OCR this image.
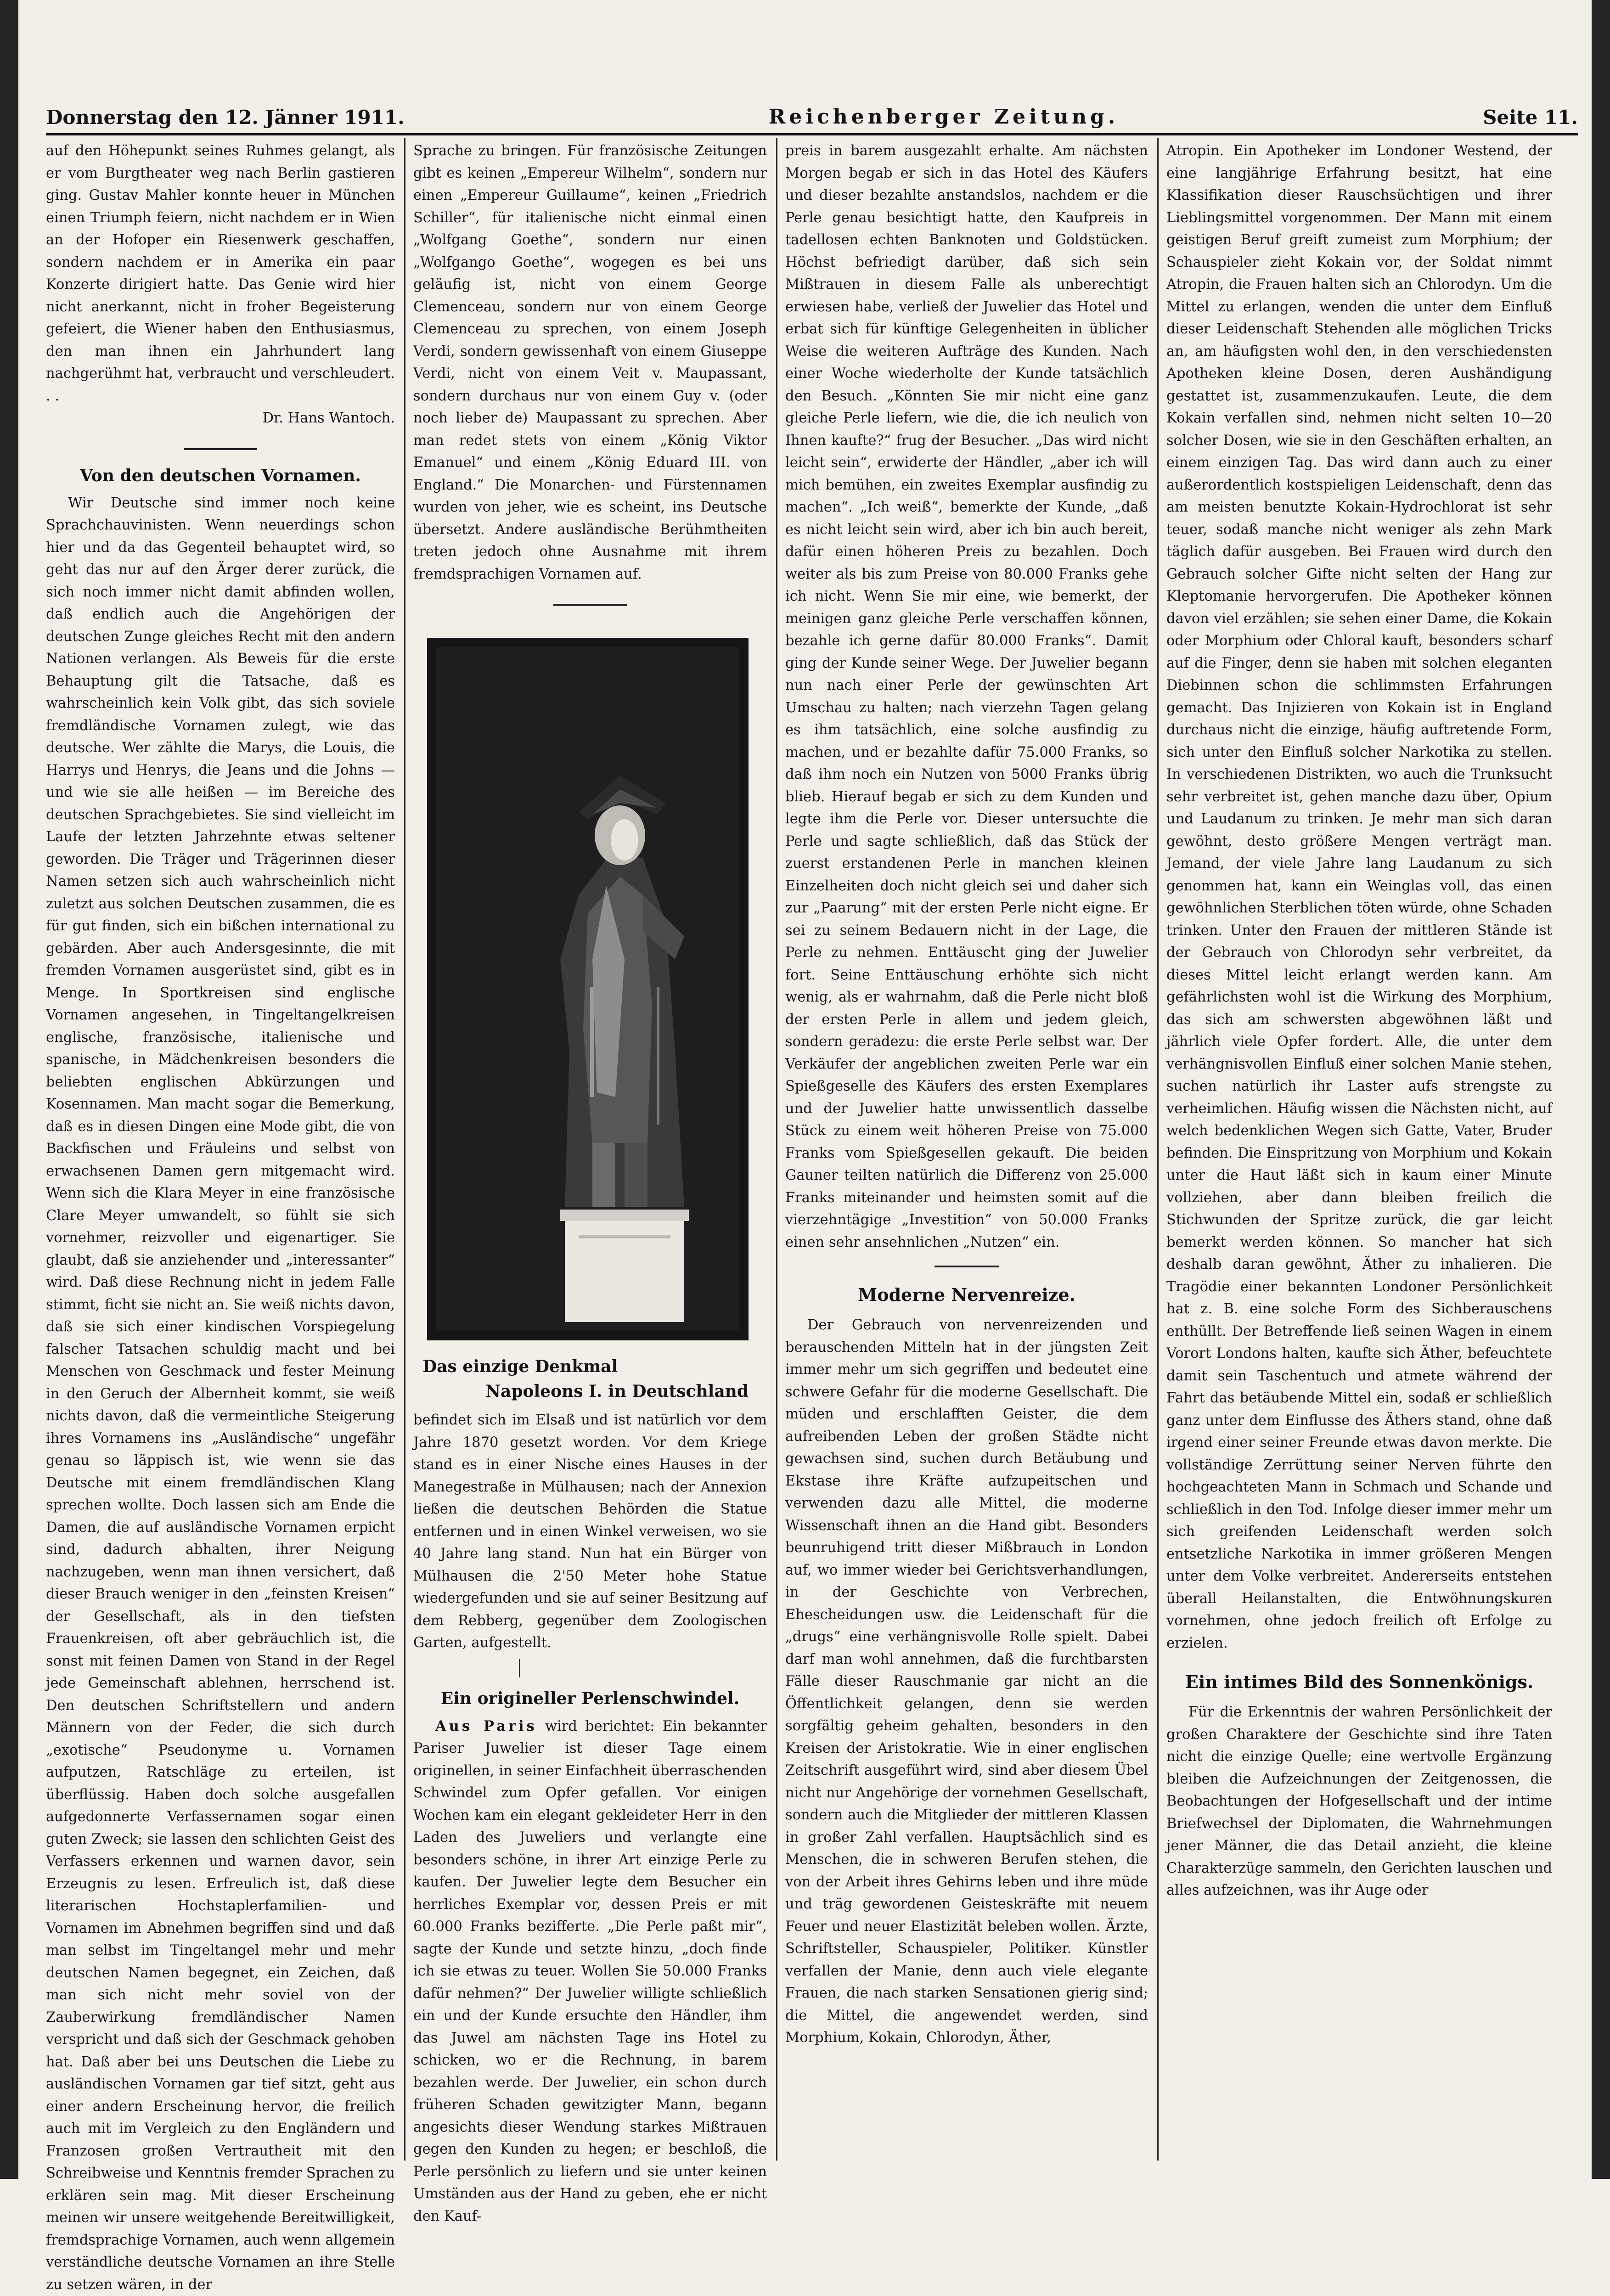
Donnerstag den 12. Jänner 1911.	Reichenberger Zeitung.	Seite 11.

auf den Höhepunkt seines Ruhmes gelangt, als er vom Burgtheater weg nach Berlin gastieren ging. Gustav Mahler konnte heuer in München einen Triumph feiern, nicht nachdem er in Wien an der Hofoper ein Riesenwerk geschaffen, sondern nachdem er in Amerika ein paar Konzerte dirigiert hatte. Das Genie wird hier nicht anerkannt, nicht in froher Begeisterung gefeiert, die Wiener haben den Enthusiasmus, den man ihnen ein Jahrhundert lang nachgerühmt hat, verbraucht und verschleudert. . .

Dr. Hans Wantoch.

Von den deutschen Vornamen.

Wir Deutsche sind immer noch keine Sprachchauvinisten. Wenn neuerdings schon hier und da das Gegenteil behauptet wird, so geht das nur auf den Ärger derer zurück, die sich noch immer nicht damit abfinden wollen, daß endlich auch die Angehörigen der deutschen Zunge gleiches Recht mit den andern Nationen verlangen. Als Beweis für die erste Behauptung gilt die Tatsache, daß es wahrscheinlich kein Volk gibt, das sich soviele fremdländische Vornamen zulegt, wie das deutsche. Wer zählte die Marys, die Louis, die Harrys und Henrys, die Jeans und die Johns — und wie sie alle heißen — im Bereiche des deutschen Sprachgebietes. Sie sind vielleicht im Laufe der letzten Jahrzehnte etwas seltener geworden. Die Träger und Trägerinnen dieser Namen setzen sich auch wahrscheinlich nicht zuletzt aus solchen Deutschen zusammen, die es für gut finden, sich ein bißchen international zu gebärden. Aber auch Andersgesinnte, die mit fremden Vornamen ausgerüstet sind, gibt es in Menge. In Sportkreisen sind englische Vornamen angesehen, in Tingeltangelkreisen englische, französische, italienische und spanische, in Mädchenkreisen besonders die beliebten englischen Abkürzungen und Kosennamen. Man macht sogar die Bemerkung, daß es in diesen Dingen eine Mode gibt, die von Backfischen und Fräuleins und selbst von erwachsenen Damen gern mitgemacht wird. Wenn sich die Klara Meyer in eine französische Clare Meyer umwandelt, so fühlt sie sich vornehmer, reizvoller und eigenartiger. Sie glaubt, daß sie anziehender und „interessanter“ wird. Daß diese Rechnung nicht in jedem Falle stimmt, ficht sie nicht an. Sie weiß nichts davon, daß sie sich einer kindischen Vorspiegelung falscher Tatsachen schuldig macht und bei Menschen von Geschmack und fester Meinung in den Geruch der Albernheit kommt, sie weiß nichts davon, daß die vermeintliche Steigerung ihres Vornamens ins „Ausländische“ ungefähr genau so läppisch ist, wie wenn sie das Deutsche mit einem fremdländischen Klang sprechen wollte. Doch lassen sich am Ende die Damen, die auf ausländische Vornamen erpicht sind, dadurch abhalten, ihrer Neigung nachzugeben, wenn man ihnen versichert, daß dieser Brauch weniger in den „feinsten Kreisen“ der Gesellschaft, als in den tiefsten Frauenkreisen, oft aber gebräuchlich ist, die sonst mit feinen Damen von Stand in der Regel jede Gemeinschaft ablehnen, herrschend ist. Den deutschen Schriftstellern und andern Männern von der Feder, die sich durch „exotische“ Pseudonyme u. Vornamen aufputzen, Ratschläge zu erteilen, ist überflüssig. Haben doch solche ausgefallen aufgedonnerte Verfassernamen sogar einen guten Zweck; sie lassen den schlichten Geist des Verfassers erkennen und warnen davor, sein Erzeugnis zu lesen. Erfreulich ist, daß diese literarischen Hochstaplerfamilien- und Vornamen im Abnehmen begriffen sind und daß man selbst im Tingeltangel mehr und mehr deutschen Namen begegnet, ein Zeichen, daß man sich nicht mehr soviel von der Zauberwirkung fremdländischer Namen verspricht und daß sich der Geschmack gehoben hat. Daß aber bei uns Deutschen die Liebe zu ausländischen Vornamen gar tief sitzt, geht aus einer andern Erscheinung hervor, die freilich auch mit im Vergleich zu den Engländern und Franzosen großen Vertrautheit mit den Schreibweise und Kenntnis fremder Sprachen zu erklären sein mag. Mit dieser Erscheinung meinen wir unsere weitgehende Bereitwilligkeit, fremdsprachige Vornamen, auch wenn allgemein verständliche deutsche Vornamen an ihre Stelle zu setzen wären, in der

Sprache zu bringen. Für französische Zeitungen gibt es keinen „Empereur Wilhelm“, sondern nur einen „Empereur Guillaume“, keinen „Friedrich Schiller“, für italienische nicht einmal einen „Wolfgang Goethe“, sondern nur einen „Wolfgango Goethe“, wogegen es bei uns geläufig ist, nicht von einem George Clemenceau, sondern nur von einem George Clemenceau zu sprechen, von einem Joseph Verdi, sondern gewissenhaft von einem Giuseppe Verdi, nicht von einem Veit v. Maupassant, sondern durchaus nur von einem Guy v. (oder noch lieber de) Maupassant zu sprechen. Aber man redet stets von einem „König Viktor Emanuel“ und einem „König Eduard III. von England.“ Die Monarchen- und Fürstennamen wurden von jeher, wie es scheint, ins Deutsche übersetzt. Andere ausländische Berühmtheiten treten jedoch ohne Ausnahme mit ihrem fremdsprachigen Vornamen auf.

Das einzige Denkmal
Napoleons I. in Deutschland

befindet sich im Elsaß und ist natürlich vor dem Jahre 1870 gesetzt worden. Vor dem Kriege stand es in einer Nische eines Hauses in der Manegestraße in Mülhausen; nach der Annexion ließen die deutschen Behörden die Statue entfernen und in einen Winkel verweisen, wo sie 40 Jahre lang stand. Nun hat ein Bürger von Mülhausen die 2'50 Meter hohe Statue wiedergefunden und sie auf seiner Besitzung auf dem Rebberg, gegenüber dem Zoologischen Garten, aufgestellt.

Ein origineller Perlenschwindel.

Aus Paris wird berichtet: Ein bekannter Pariser Juwelier ist dieser Tage einem originellen, in seiner Einfachheit überraschenden Schwindel zum Opfer gefallen. Vor einigen Wochen kam ein elegant gekleideter Herr in den Laden des Juweliers und verlangte eine besonders schöne, in ihrer Art einzige Perle zu kaufen. Der Juwelier legte dem Besucher ein herrliches Exemplar vor, dessen Preis er mit 60.000 Franks bezifferte. „Die Perle paßt mir“, sagte der Kunde und setzte hinzu, „doch finde ich sie etwas zu teuer. Wollen Sie 50.000 Franks dafür nehmen?“ Der Juwelier willigte schließlich ein und der Kunde ersuchte den Händler, ihm das Juwel am nächsten Tage ins Hotel zu schicken, wo er die Rechnung, in barem bezahlen werde. Der Juwelier, ein schon durch früheren Schaden gewitzigter Mann, begann angesichts dieser Wendung starkes Mißtrauen gegen den Kunden zu hegen; er beschloß, die Perle persönlich zu liefern und sie unter keinen Umständen aus der Hand zu geben, ehe er nicht den Kauf-

preis in barem ausgezahlt erhalte. Am nächsten Morgen begab er sich in das Hotel des Käufers und dieser bezahlte anstandslos, nachdem er die Perle genau besichtigt hatte, den Kaufpreis in tadellosen echten Banknoten und Goldstücken. Höchst befriedigt darüber, daß sich sein Mißtrauen in diesem Falle als unberechtigt erwiesen habe, verließ der Juwelier das Hotel und erbat sich für künftige Gelegenheiten in üblicher Weise die weiteren Aufträge des Kunden. Nach einer Woche wiederholte der Kunde tatsächlich den Besuch. „Könnten Sie mir nicht eine ganz gleiche Perle liefern, wie die, die ich neulich von Ihnen kaufte?“ frug der Besucher. „Das wird nicht leicht sein“, erwiderte der Händler, „aber ich will mich bemühen, ein zweites Exemplar ausfindig zu machen“. „Ich weiß“, bemerkte der Kunde, „daß es nicht leicht sein wird, aber ich bin auch bereit, dafür einen höheren Preis zu bezahlen. Doch weiter als bis zum Preise von 80.000 Franks gehe ich nicht. Wenn Sie mir eine, wie bemerkt, der meinigen ganz gleiche Perle verschaffen können, bezahle ich gerne dafür 80.000 Franks“. Damit ging der Kunde seiner Wege. Der Juwelier begann nun nach einer Perle der gewünschten Art Umschau zu halten; nach vierzehn Tagen gelang es ihm tatsächlich, eine solche ausfindig zu machen, und er bezahlte dafür 75.000 Franks, so daß ihm noch ein Nutzen von 5000 Franks übrig blieb. Hierauf begab er sich zu dem Kunden und legte ihm die Perle vor. Dieser untersuchte die Perle und sagte schließlich, daß das Stück der zuerst erstandenen Perle in manchen kleinen Einzelheiten doch nicht gleich sei und daher sich zur „Paarung“ mit der ersten Perle nicht eigne. Er sei zu seinem Bedauern nicht in der Lage, die Perle zu nehmen. Enttäuscht ging der Juwelier fort. Seine Enttäuschung erhöhte sich nicht wenig, als er wahrnahm, daß die Perle nicht bloß der ersten Perle in allem und jedem gleich, sondern geradezu: die erste Perle selbst war. Der Verkäufer der angeblichen zweiten Perle war ein Spießgeselle des Käufers des ersten Exemplares und der Juwelier hatte unwissentlich dasselbe Stück zu einem weit höheren Preise von 75.000 Franks vom Spießgesellen gekauft. Die beiden Gauner teilten natürlich die Differenz von 25.000 Franks miteinander und heimsten somit auf die vierzehntägige „Investition“ von 50.000 Franks einen sehr ansehnlichen „Nutzen“ ein.

Moderne Nervenreize.

Der Gebrauch von nervenreizenden und berauschenden Mitteln hat in der jüngsten Zeit immer mehr um sich gegriffen und bedeutet eine schwere Gefahr für die moderne Gesellschaft. Die müden und erschlafften Geister, die dem aufreibenden Leben der großen Städte nicht gewachsen sind, suchen durch Betäubung und Ekstase ihre Kräfte aufzupeitschen und verwenden dazu alle Mittel, die moderne Wissenschaft ihnen an die Hand gibt. Besonders beunruhigend tritt dieser Mißbrauch in London auf, wo immer wieder bei Gerichtsverhandlungen, in der Geschichte von Verbrechen, Ehescheidungen usw. die Leidenschaft für die „drugs“ eine verhängnisvolle Rolle spielt. Dabei darf man wohl annehmen, daß die furchtbarsten Fälle dieser Rauschmanie gar nicht an die Öffentlichkeit gelangen, denn sie werden sorgfältig geheim gehalten, besonders in den Kreisen der Aristokratie. Wie in einer englischen Zeitschrift ausgeführt wird, sind aber diesem Übel nicht nur Angehörige der vornehmen Gesellschaft, sondern auch die Mitglieder der mittleren Klassen in großer Zahl verfallen. Hauptsächlich sind es Menschen, die in schweren Berufen stehen, die von der Arbeit ihres Gehirns leben und ihre müde und träg gewordenen Geisteskräfte mit neuem Feuer und neuer Elastizität beleben wollen. Ärzte, Schriftsteller, Schauspieler, Politiker. Künstler verfallen der Manie, denn auch viele elegante Frauen, die nach starken Sensationen gierig sind; die Mittel, die angewendet werden, sind Morphium, Kokain, Chlorodyn, Äther,

Atropin. Ein Apotheker im Londoner Westend, der eine langjährige Erfahrung besitzt, hat eine Klassifikation dieser Rauschsüchtigen und ihrer Lieblingsmittel vorgenommen. Der Mann mit einem geistigen Beruf greift zumeist zum Morphium; der Schauspieler zieht Kokain vor, der Soldat nimmt Atropin, die Frauen halten sich an Chlorodyn. Um die Mittel zu erlangen, wenden die unter dem Einfluß dieser Leidenschaft Stehenden alle möglichen Tricks an, am häufigsten wohl den, in den verschiedensten Apotheken kleine Dosen, deren Aushändigung gestattet ist, zusammenzukaufen. Leute, die dem Kokain verfallen sind, nehmen nicht selten 10—20 solcher Dosen, wie sie in den Geschäften erhalten, an einem einzigen Tag. Das wird dann auch zu einer außerordentlich kostspieligen Leidenschaft, denn das am meisten benutzte Kokain-Hydrochlorat ist sehr teuer, sodaß manche nicht weniger als zehn Mark täglich dafür ausgeben. Bei Frauen wird durch den Gebrauch solcher Gifte nicht selten der Hang zur Kleptomanie hervorgerufen. Die Apotheker können davon viel erzählen; sie sehen einer Dame, die Kokain oder Morphium oder Chloral kauft, besonders scharf auf die Finger, denn sie haben mit solchen eleganten Diebinnen schon die schlimmsten Erfahrungen gemacht. Das Injizieren von Kokain ist in England durchaus nicht die einzige, häufig auftretende Form, sich unter den Einfluß solcher Narkotika zu stellen. In verschiedenen Distrikten, wo auch die Trunksucht sehr verbreitet ist, gehen manche dazu über, Opium und Laudanum zu trinken. Je mehr man sich daran gewöhnt, desto größere Mengen verträgt man. Jemand, der viele Jahre lang Laudanum zu sich genommen hat, kann ein Weinglas voll, das einen gewöhnlichen Sterblichen töten würde, ohne Schaden trinken. Unter den Frauen der mittleren Stände ist der Gebrauch von Chlorodyn sehr verbreitet, da dieses Mittel leicht erlangt werden kann. Am gefährlichsten wohl ist die Wirkung des Morphium, das sich am schwersten abgewöhnen läßt und jährlich viele Opfer fordert. Alle, die unter dem verhängnisvollen Einfluß einer solchen Manie stehen, suchen natürlich ihr Laster aufs strengste zu verheimlichen. Häufig wissen die Nächsten nicht, auf welch bedenklichen Wegen sich Gatte, Vater, Bruder befinden. Die Einspritzung von Morphium und Kokain unter die Haut läßt sich in kaum einer Minute vollziehen, aber dann bleiben freilich die Stichwunden der Spritze zurück, die gar leicht bemerkt werden können. So mancher hat sich deshalb daran gewöhnt, Äther zu inhalieren. Die Tragödie einer bekannten Londoner Persönlichkeit hat z. B. eine solche Form des Sichberauschens enthüllt. Der Betreffende ließ seinen Wagen in einem Vorort Londons halten, kaufte sich Äther, befeuchtete damit sein Taschentuch und atmete während der Fahrt das betäubende Mittel ein, sodaß er schließlich ganz unter dem Einflusse des Äthers stand, ohne daß irgend einer seiner Freunde etwas davon merkte. Die vollständige Zerrüttung seiner Nerven führte den hochgeachteten Mann in Schmach und Schande und schließlich in den Tod. Infolge dieser immer mehr um sich greifenden Leidenschaft werden solch entsetzliche Narkotika in immer größeren Mengen unter dem Volke verbreitet. Andererseits entstehen überall Heilanstalten, die Entwöhnungskuren vornehmen, ohne jedoch freilich oft Erfolge zu erzielen.

Ein intimes Bild des Sonnenkönigs.

Für die Erkenntnis der wahren Persönlichkeit der großen Charaktere der Geschichte sind ihre Taten nicht die einzige Quelle; eine wertvolle Ergänzung bleiben die Aufzeichnungen der Zeitgenossen, die Beobachtungen der Hofgesellschaft und der intime Briefwechsel der Diplomaten, die Wahrnehmungen jener Männer, die das Detail anzieht, die kleine Charakterzüge sammeln, den Gerichten lauschen und alles aufzeichnen, was ihr Auge oder
